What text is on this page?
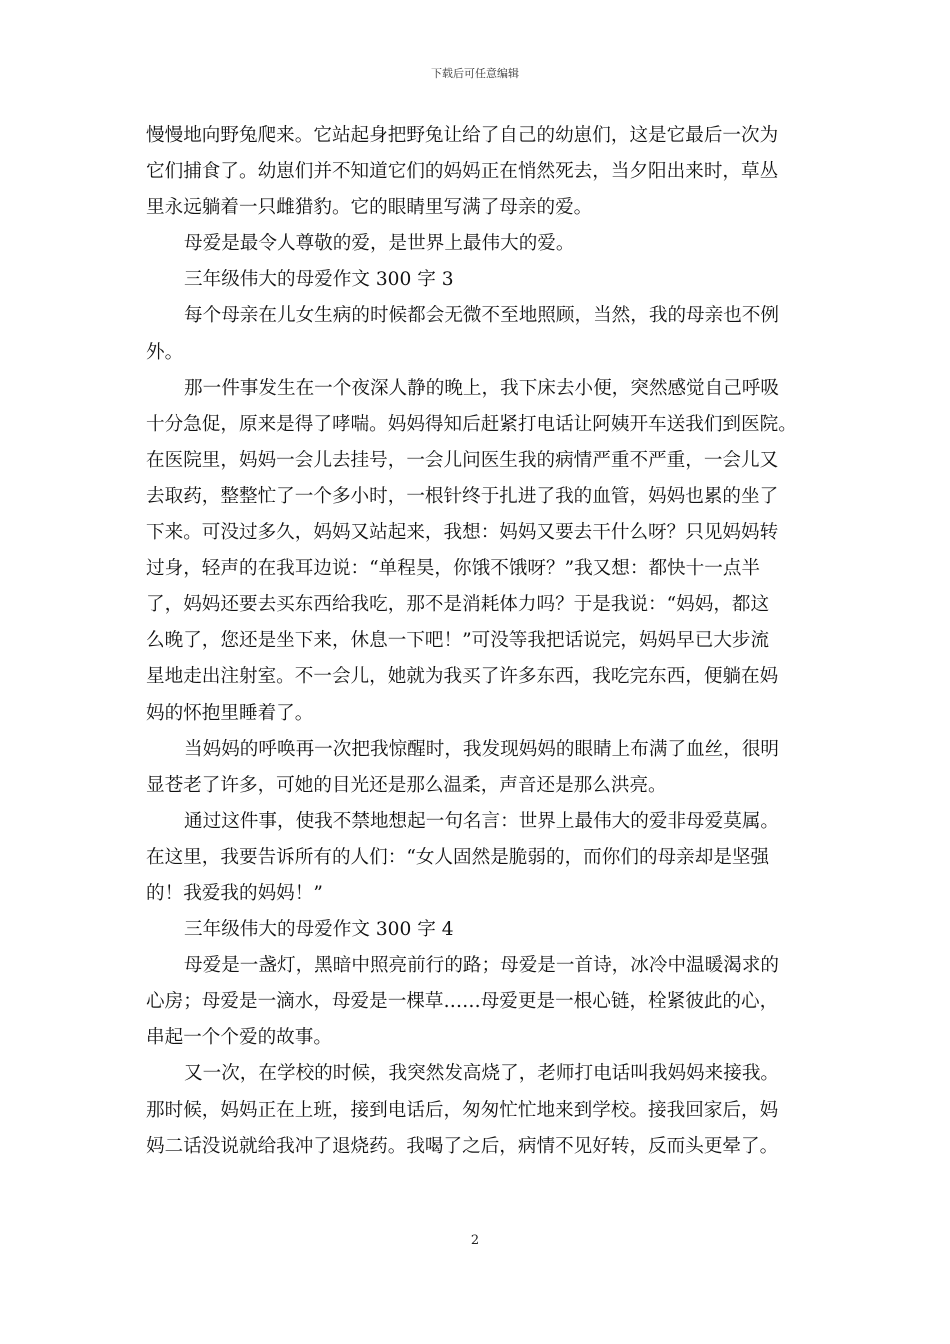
下载后可任意编辑
慢慢地向野兔爬来。它站起身把野兔让给了自己的幼崽们，这是它最后一次为
它们捕食了。幼崽们并不知道它们的妈妈正在悄然死去，当夕阳出来时，草丛
里永远躺着一只雌猎豹。它的眼睛里写满了母亲的爱。
母爱是最令人尊敬的爱，是世界上最伟大的爱。
三年级伟大的母爱作文 300 字 3
每个母亲在儿女生病的时候都会无微不至地照顾，当然，我的母亲也不例
外。
那一件事发生在一个夜深人静的晚上，我下床去小便，突然感觉自己呼吸
十分急促，原来是得了哮喘。妈妈得知后赶紧打电话让阿姨开车送我们到医院。
在医院里，妈妈一会儿去挂号，一会儿问医生我的病情严重不严重，一会儿又
去取药，整整忙了一个多小时，一根针终于扎进了我的血管，妈妈也累的坐了
下来。可没过多久，妈妈又站起来，我想：妈妈又要去干什么呀？只见妈妈转
过身，轻声的在我耳边说：“单程昊，你饿不饿呀？”我又想：都快十一点半
了，妈妈还要去买东西给我吃，那不是消耗体力吗？于是我说：“妈妈，都这
么晚了，您还是坐下来，休息一下吧！”可没等我把话说完，妈妈早已大步流
星地走出注射室。不一会儿，她就为我买了许多东西，我吃完东西，便躺在妈
妈的怀抱里睡着了。
当妈妈的呼唤再一次把我惊醒时，我发现妈妈的眼睛上布满了血丝，很明
显苍老了许多，可她的目光还是那么温柔，声音还是那么洪亮。
通过这件事，使我不禁地想起一句名言：世界上最伟大的爱非母爱莫属。
在这里，我要告诉所有的人们：“女人固然是脆弱的，而你们的母亲却是坚强
的！我爱我的妈妈！”
三年级伟大的母爱作文 300 字 4
母爱是一盏灯，黑暗中照亮前行的路；母爱是一首诗，冰冷中温暖渴求的
心房；母爱是一滴水，母爱是一棵草……母爱更是一根心链，栓紧彼此的心，
串起一个个爱的故事。
又一次，在学校的时候，我突然发高烧了，老师打电话叫我妈妈来接我。
那时候，妈妈正在上班，接到电话后，匆匆忙忙地来到学校。接我回家后，妈
妈二话没说就给我冲了退烧药。我喝了之后，病情不见好转，反而头更晕了。
2
